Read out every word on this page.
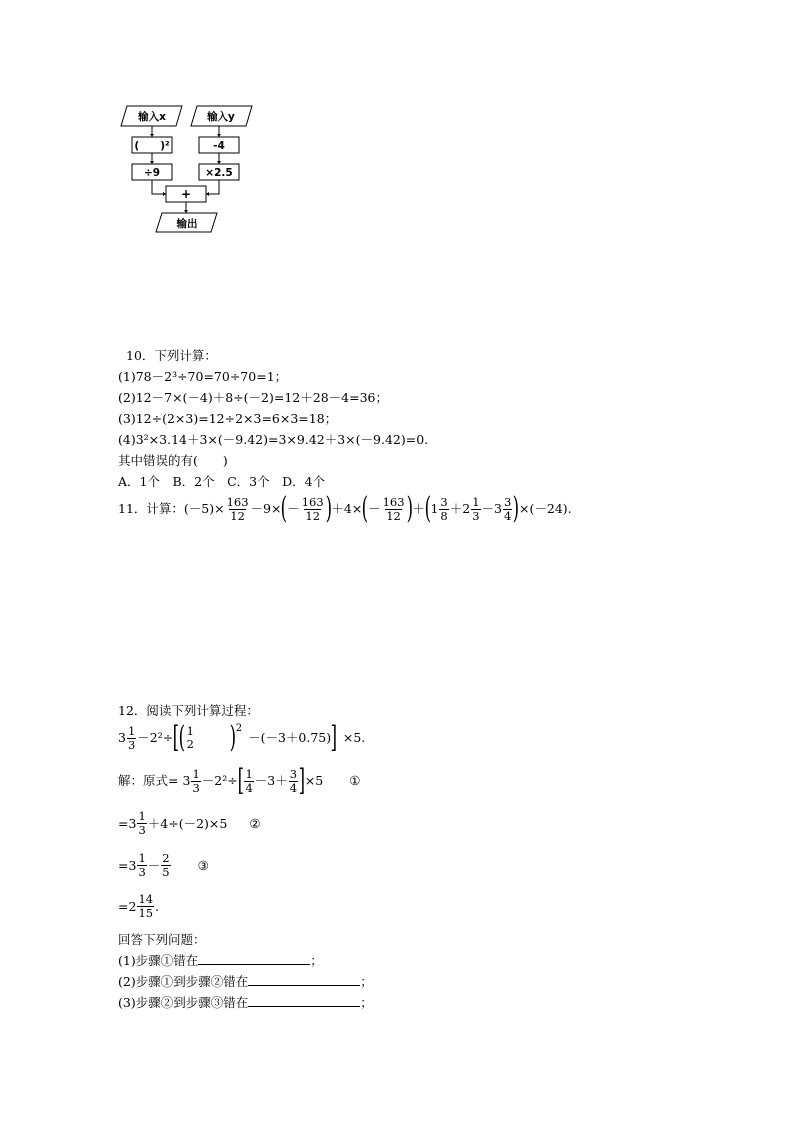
输入x	输入y
(　　)²	-4
÷9	×2.5
+
输出
10．下列计算：
(1)78－2³÷70=70÷70=1；
(2)12－7×(－4)＋8÷(－2)=12＋28－4=36；
(3)12÷(2×3)=12÷2×3=6×3=18；
(4)3²×3.14＋3×(－9.42)=3×9.42＋3×(－9.42)=0.
其中错误的有(　　)
A．1个　B．2个　C．3个　D．4个
11．计算：$(-5)\times \frac{163}{12} -9\times$ ( － $\frac{163}{12}$ ) ＋4× ( － $\frac{163}{12}$ ) ＋ ( $1 \frac{3}{8} +2 \frac{1}{3} -3 \frac{3}{4}$ ) ×(－24).
12．阅读下列计算过程：
$3 \frac{1}{3} -2^2\div$ [ ( 1
2 ) 2
－(－3＋0.75) ] ×5.
解：原式= $3 \frac{1}{3} -2^2\div$ [ $\frac{1}{4} -3+ \frac{3}{4}$ ] ×5 ①
$=3 \frac{1}{3} +4\div(-2)\times 5$ ②
$=3 \frac{1}{3} - \frac{2}{5}$ ③
$=2 \frac{14}{15}$ .
回答下列问题：
(1)步骤①错在	；
(2)步骤①到步骤②错在	；
(3)步骤②到步骤③错在	；
